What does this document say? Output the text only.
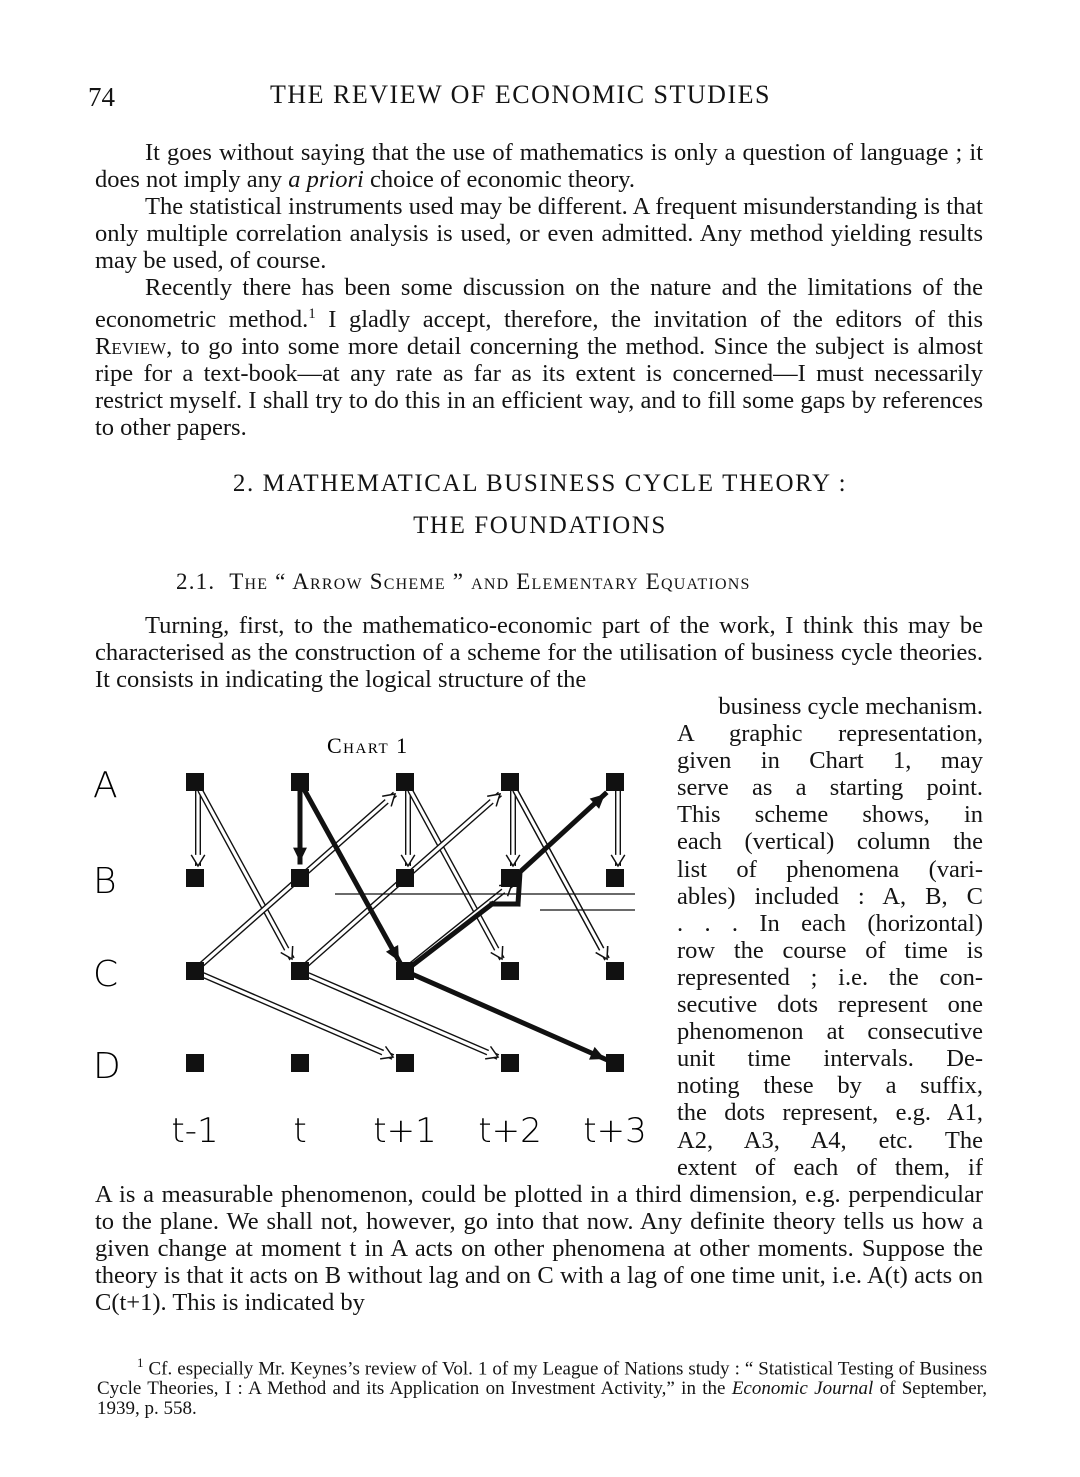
74	THE REVIEW OF ECONOMIC STUDIES

It goes without saying that the use of mathematics is only a question of language ; it does not imply any a priori choice of economic theory.

The statistical instruments used may be different. A frequent misunderstanding is that only multiple correlation analysis is used, or even admitted. Any method yielding results may be used, of course.

Recently there has been some discussion on the nature and the limitations of the econometric method.$^1$ I gladly accept, therefore, the invitation of the editors of this Review, to go into some more detail concerning the method. Since the subject is almost ripe for a text-book—at any rate as far as its extent is concerned—I must necessarily restrict myself. I shall try to do this in an efficient way, and to fill some gaps by references to other papers.

2. MATHEMATICAL BUSINESS CYCLE THEORY :
THE FOUNDATIONS
2.1. The “ Arrow Scheme ” and Elementary Equations

Turning, first, to the mathematico-economic part of the work, I think this may be characterised as the construction of a scheme for the utilisation of business cycle theories. It consists in indicating the logical structure of the

business cycle mechanism.
A graphic representation,
given in Chart 1, may
serve as a starting point.
This scheme shows, in
each (vertical) column the
list of phenomena (vari-
ables) included : A, B, C
. . . In each (horizontal)
row the course of time is
represented ; i.e. the con-
secutive dots represent one
phenomenon at consecutive
unit time intervals. De-
noting these by a suffix,
the dots represent, e.g. A1,
A2, A3, A4, etc. The
extent of each of them, if
Chart 1
A
B
C
D
t-1 t t+1 t+2 t+3

A is a measurable phenomenon, could be plotted in a third dimension, e.g. perpendicular to the plane. We shall not, however, go into that now. Any definite theory tells us how a given change at moment t in A acts on other phenomena at other moments. Suppose the theory is that it acts on B without lag and on C with a lag of one time unit, i.e. A(t) acts on C(t+1). This is indicated by

$^1$ Cf. especially Mr. Keynes’s review of Vol. 1 of my League of Nations study : “ Statistical Testing of Business Cycle Theories, I : A Method and its Application on Investment Activity,” in the Economic Journal of September, 1939, p. 558.
